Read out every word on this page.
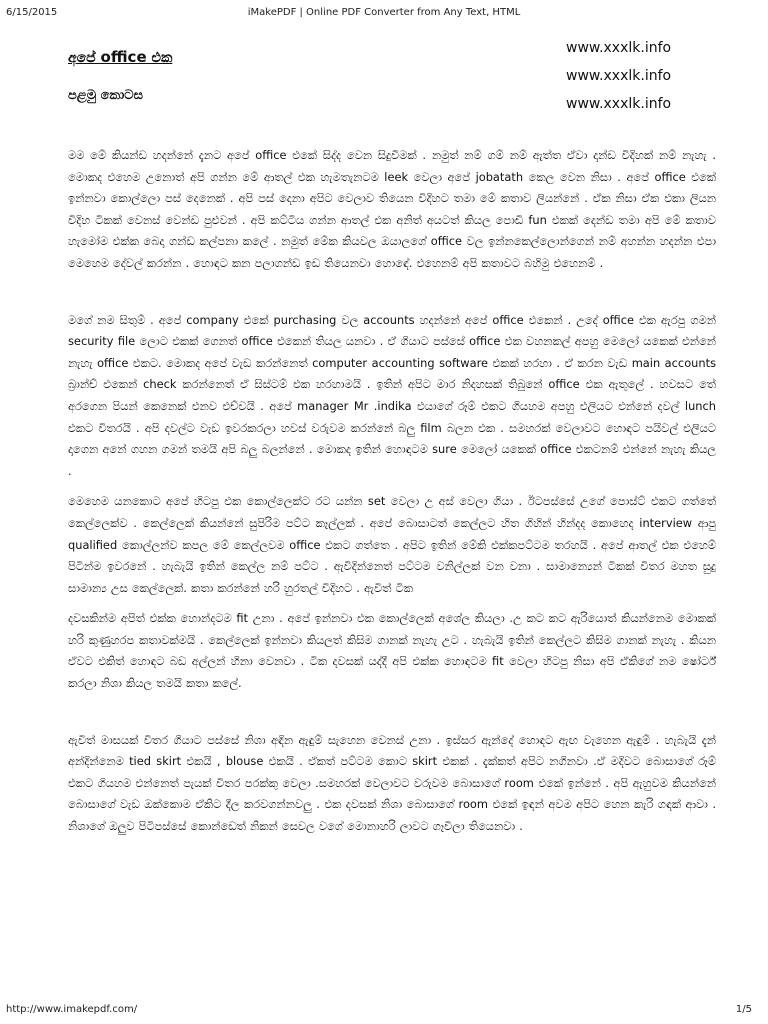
6/15/2015	iMakePDF | Online PDF Converter from Any Text, HTML
www.xxxlk.info
www.xxxlk.info
www.xxxlk.info
අපේ office එක
පළමු කොටස

මම මේ කියන්ඩ හදන්නේ දැනට අපේ office එකේ සිද්ද වෙන සිදුවීමක් . නමුත් නම් ගම් නම් ඇත්ත ඒවා දාන්ඩ විදිහක් නම් නැහැ . මොකද එහෙම උනොත් අපි ගන්න මේ ආතල් එක හැමතැනටම leek වෙලා අපේ jobatath කෙල වෙන නිසා . අපේ office එකේ ඉන්නවා කොල්ලො පස් දෙනෙක් . අපි පස් දෙනා අපිට වෙලාව තියෙන විදිහට තමා මේ කතාව ලියන්නේ . ඒක නිසා ඒක එකා ලියන විදිහ ටිකක් වෙනස් වෙන්ඩ පුළුවන් . අපි කට්ටිය ගන්න ආතල් එක අනිත් අයටත් කියල පොඩි fun එකක් දෙන්ඩ තමා අපි මේ කතාව හැමෝම එක්ක බෙදා ගන්ඩ කල්පනා කලේ . නමුත් මේක කියවල ඔයාලගේ office වල ඉන්නකෙල්ලොන්ගෙන් නම් අහන්න හදන්න එපා මෙහෙම දේවල් කරන්න . හොඳට කන පලාගන්ඩ ඉඩ තියෙනවා හොඳේ. එහෙනම් අපි කතාවට බහිමු එහෙනම් .

මගේ නම සිතුම් . අපේ company එකේ purchasing වල accounts හදන්නේ අපේ office එකෙන් . උදේ office එක ඇරපු ගමන් security file ලොට එකක් ගෙනත් office එකෙන් තියල යනවා . ඒ ගියාට පස්සේ office එක වහනකල් අපහු මෙලෝ යකෙක් එන්නේ නැහැ office එකට. මොකද අපේ වැඩ කරන්නෙත් computer accounting software එකක් හරහා . ඒ කරන වැඩ main accounts බ්‍රාන්ච් එකෙන් check කරන්නෙත් ඒ සිස්ටම් එක හරහාමයි . ඉතින් අපිට මාර නිදහසක් තිබුනේ office එක ඇතුලේ . හවසට තේ අරගෙන පියන් කෙනෙක් එනව එච්චයි . අපේ manager Mr .indika එයාගේ රූම් එකට ගියහම අපහු එලියට එන්නේ දවල් lunch එකට විතරයි . අපි දවල්ට වැඩ ඉවරකරලා හවස් වරුවම කරන්නේ බලු film බලන එක . සමහරක් වෙලාවට හොඳට පයිවල් එලියට දාගෙන අනේ ගහන ගමන් තමයි අපි බලු බලන්නේ . මොකද ඉතින් හොඳටම sure මෙලෝ යකෙක් office එකටනම් එන්නේ නැහැ කියල .

මෙහෙම යනකොට අපේ හිටපු එක කොල්ලෙක්ට රට යන්න set වෙලා උ අස් වෙලා ගියා . ඊටපස්සේ උගේ පොස්ට් එකට ගත්තේ කෙල්ලෙක්ව . කෙල්ලෙක් කියන්නේ සුපිරිම පට්ට කෑල්ලක් . අපේ බොසාටත් කෙල්ලට හිත ගිහින් හින්දද කොහෙද interview ආපු qualified කොල්ලන්ව කපල මේ කෙල්ලවම office එකට ගත්තෙ . අපිට ඉතින් මේකි එක්කපට්ටම තරහයි . අපේ ආතල් එක එහෙම් පිටින්ම ඉවරනේ . හැබැයි ඉතින් කෙල්ල නම් පට්ට . ඇවිදින්නෙත් පට්ටම වනිල්ලක් වන වනා . සාමාන්‍යෙන් ටිකක් විතර මහත සුදු සාමාන්‍ය උස කෙල්ලෙක්. කතා කරන්නේ හරි හුරතල් විදිහට . ඇවිත් ටික

දවසකින්ම අපිත් එක්ක හොන්දටම fit උනා . අපේ ඉන්නවා එක කොල්ලෙක් අශේල කියලා .උ කට කට ඇරියොත් කියන්නෙම මොකක් හරි කුණුහරප කතාවක්මයි . කෙල්ලෙක් ඉන්නවා කියලත් කිසිම ගානක් නැහැ උට . හැබැයි ඉතින් කෙල්ලට කිසිම ගානක් නැහැ . කියන ඒවට එකිත් හොඳට බඩ අල්ලන් හිනා වෙනවා . ටික දවසක් යද්දී අපි එක්ක හොඳටම fit වෙලා හිටපු නිසා අපි ඒකිගේ නම ෂෝර්ට් කරලා නිශා කියල තමයි කතා කලේ.

ඇවිත් මාසයක් විතර ගියාට පස්සේ නිශා අඳින ඇඳුම් සැහෙන වෙනස් උනා . ඉස්සර ඇන්දේ හොඳට ඇඟ වැහෙන ඇඳුම් . හැබැයි දැන් අන්දින්නෙම tied skirt එකයි , blouse එකයි . ඒකත් පට්ටම කොට skirt එකක් . දැක්කත් අපිට නගිනවා .ඒ මදිවට බොසාගේ රූම් එකට ගියහම එන්නෙත් පැයක් විතර පරක්කු වෙලා .සමහරක් වෙලාවට වරුවම බොසාගේ room එකේ ඉන්නේ . අපි ඇහුවම කියන්නේ බොසාගේ වැඩ ඔක්කොම ඒකිට දීල කරවගන්නවලු . එක දවසක් නිශා බොසාගේ room එකේ ඉඳන් අවම අපිට හෙන කැරි ගඳක් ආවා . නිශාගේ ඔලුව පිටිපස්සේ කොන්ඩෙත් නිකන් සෙවල වගේ මොනාහරි ලාවට ගෑවිලා තියෙනවා .

http://www.imakepdf.com/	1/5
